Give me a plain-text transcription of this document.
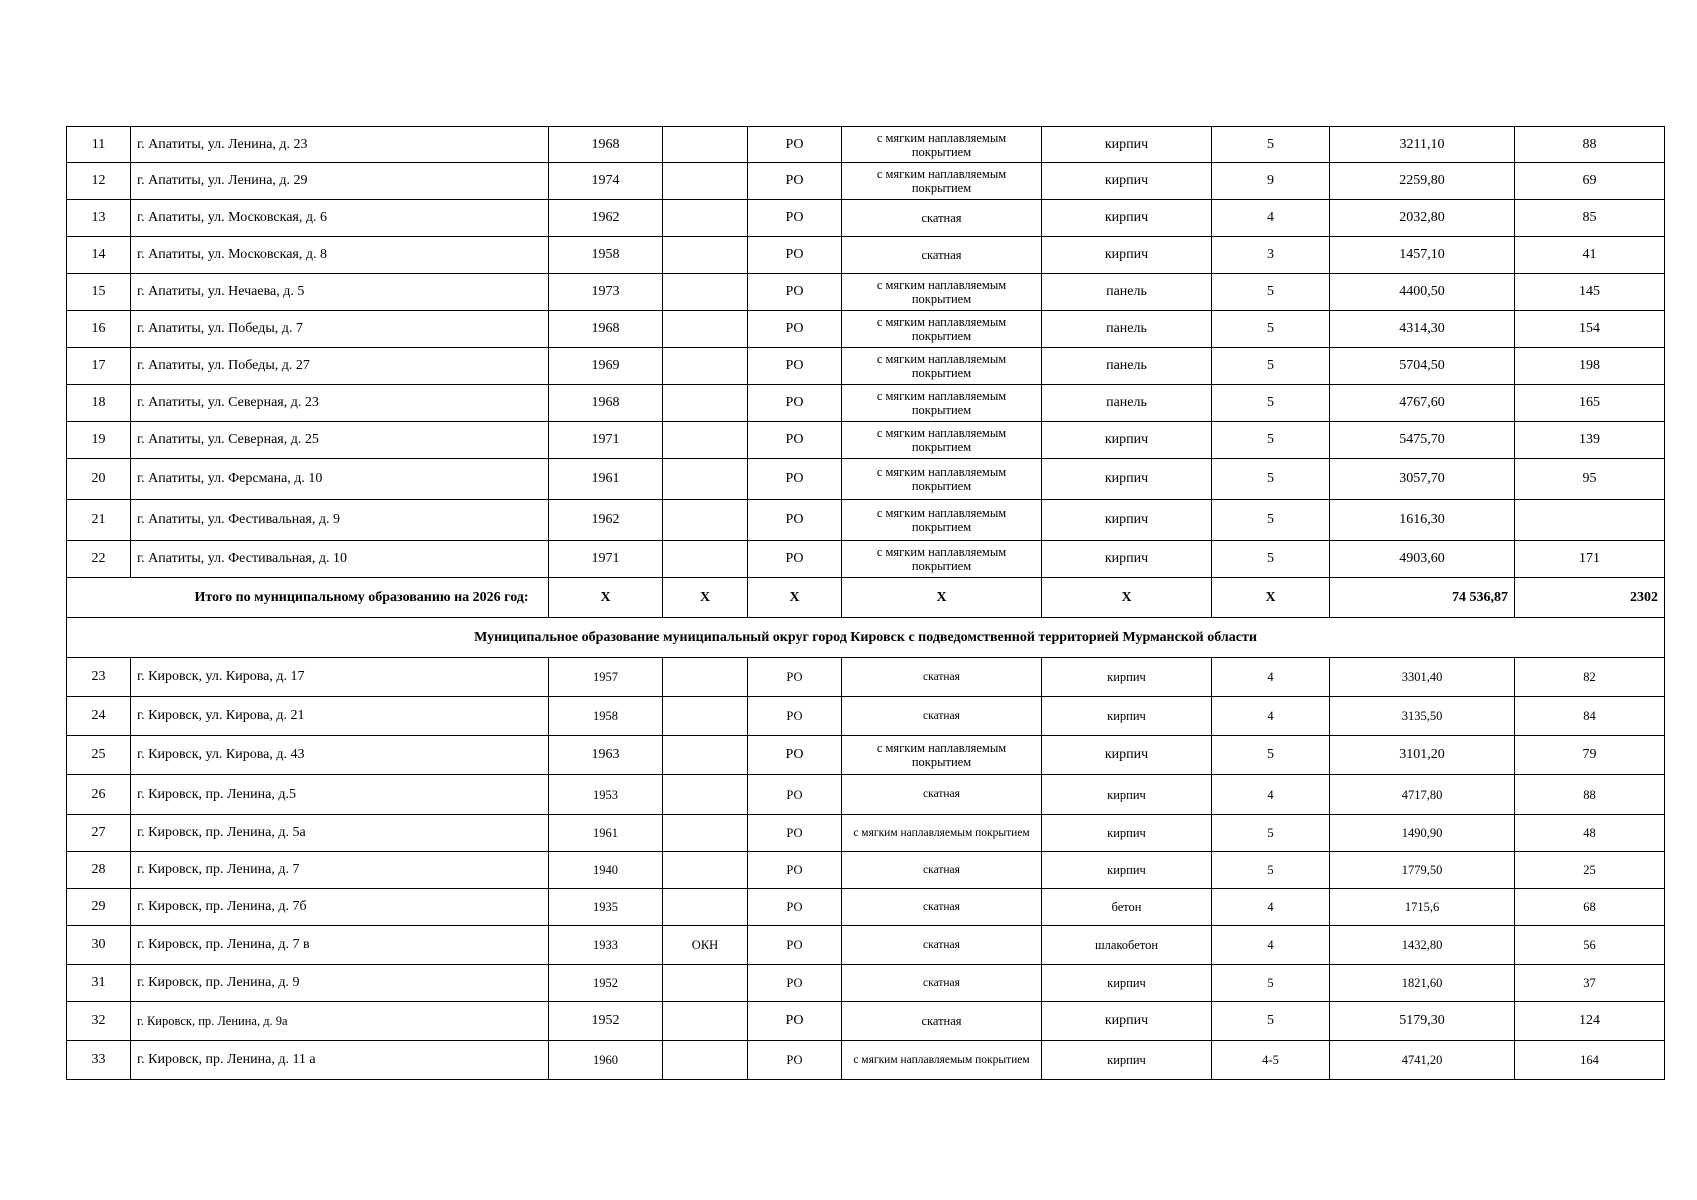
11	г. Апатиты, ул. Ленина, д. 23	1968		РО	с мягким наплавляемым покрытием	кирпич	5	3211,10	88
12	г. Апатиты, ул. Ленина, д. 29	1974		РО	с мягким наплавляемым покрытием	кирпич	9	2259,80	69
13	г. Апатиты, ул. Московская, д. 6	1962		РО	скатная	кирпич	4	2032,80	85
14	г. Апатиты, ул. Московская, д. 8	1958		РО	скатная	кирпич	3	1457,10	41
15	г. Апатиты, ул. Нечаева, д. 5	1973		РО	с мягким наплавляемым покрытием	панель	5	4400,50	145
16	г. Апатиты, ул. Победы, д. 7	1968		РО	с мягким наплавляемым покрытием	панель	5	4314,30	154
17	г. Апатиты, ул. Победы, д. 27	1969		РО	с мягким наплавляемым покрытием	панель	5	5704,50	198
18	г. Апатиты, ул. Северная, д. 23	1968		РО	с мягким наплавляемым покрытием	панель	5	4767,60	165
19	г. Апатиты, ул. Северная, д. 25	1971		РО	с мягким наплавляемым покрытием	кирпич	5	5475,70	139
20	г. Апатиты, ул. Ферсмана, д. 10	1961		РО	с мягким наплавляемым покрытием	кирпич	5	3057,70	95
21	г. Апатиты, ул. Фестивальная, д. 9	1962		РО	с мягким наплавляемым покрытием	кирпич	5	1616,30	
22	г. Апатиты, ул. Фестивальная, д. 10	1971		РО	с мягким наплавляемым покрытием	кирпич	5	4903,60	171
	Итого по муниципальному образованию на 2026 год:	X	X	X	X	X	X	74 536,87	2302
Муниципальное образование муниципальный округ город Кировск с подведомственной территорией Мурманской области									
23	г. Кировск, ул. Кирова, д. 17	1957		РО	скатная	кирпич	4	3301,40	82
24	г. Кировск, ул. Кирова, д. 21	1958		РО	скатная	кирпич	4	3135,50	84
25	г. Кировск, ул. Кирова, д. 43	1963		РО	с мягким наплавляемым покрытием	кирпич	5	3101,20	79
26	г. Кировск, пр. Ленина, д.5	1953		РО	скатная	кирпич	4	4717,80	88
27	г. Кировск, пр. Ленина, д. 5а	1961		РО	с мягким наплавляемым покрытием	кирпич	5	1490,90	48
28	г. Кировск, пр. Ленина, д. 7	1940		РО	скатная	кирпич	5	1779,50	25
29	г. Кировск, пр. Ленина, д. 7б	1935		РО	скатная	бетон	4	1715,6	68
30	г. Кировск, пр. Ленина, д. 7 в	1933	ОКН	РО	скатная	шлакобетон	4	1432,80	56
31	г. Кировск, пр. Ленина, д. 9	1952		РО	скатная	кирпич	5	1821,60	37
32	г. Кировск, пр. Ленина, д. 9а	1952		РО	скатная	кирпич	5	5179,30	124
33	г. Кировск, пр. Ленина, д. 11 а	1960		РО	с мягким наплавляемым покрытием	кирпич	4-5	4741,20	164
